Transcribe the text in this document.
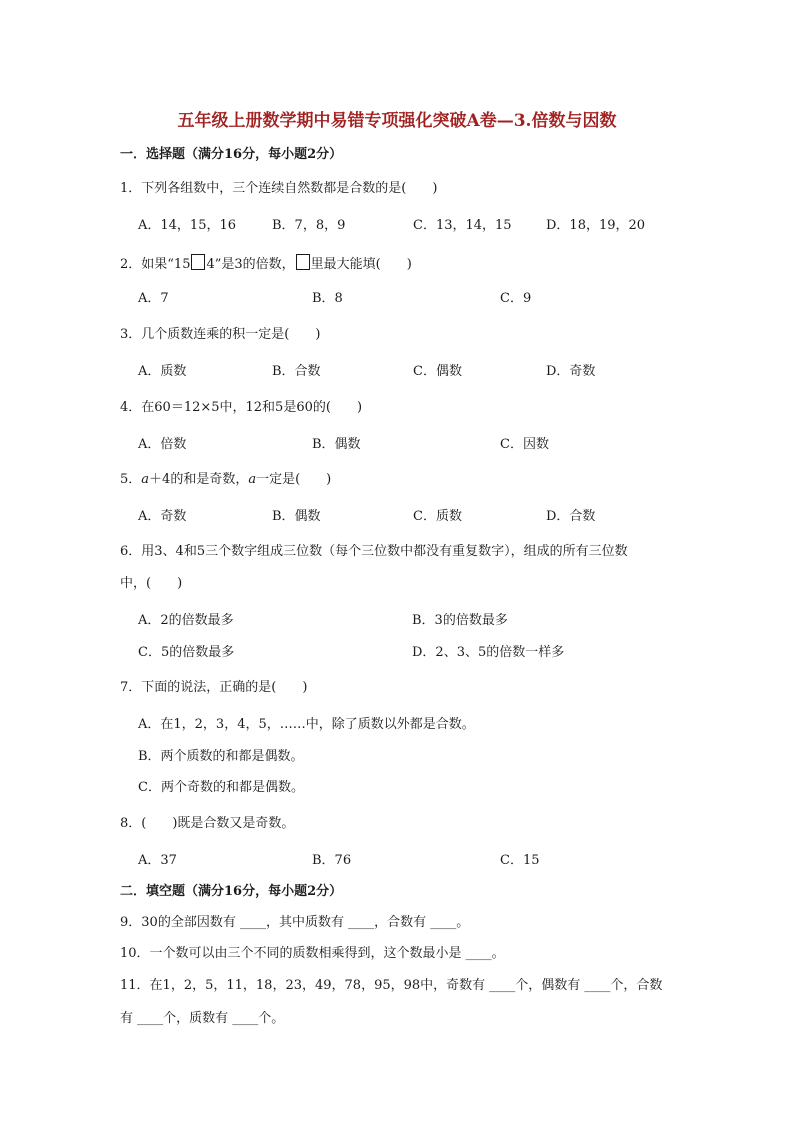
五年级上册数学期中易错专项强化突破A卷—3.倍数与因数
一．选择题（满分16分，每小题2分）
1．下列各组数中，三个连续自然数都是合数的是(　　)
A．14，15，16	B．7，8，9	C．13，14，15	D．18，19，20
2．如果“15 4”是3的倍数， 里最大能填(　　)
A．7	B．8	C．9
3．几个质数连乘的积一定是(　　)
A．质数	B．合数	C．偶数	D．奇数
4．在60＝12×5中，12和5是60的(　　)
A．倍数	B．偶数	C．因数
5．a＋4的和是奇数，a一定是(　　)
A．奇数	B．偶数	C．质数	D．合数
6．用3、4和5三个数字组成三位数（每个三位数中都没有重复数字），组成的所有三位数
中，(　　)
A．2的倍数最多	B．3的倍数最多
C．5的倍数最多	D．2、3、5的倍数一样多
7．下面的说法，正确的是(　　)
A．在1，2，3，4，5，……中，除了质数以外都是合数。
B．两个质数的和都是偶数。
C．两个奇数的和都是偶数。
8．(　　)既是合数又是奇数。
A．37	B．76	C．15
二．填空题（满分16分，每小题2分）
9．30的全部因数有 ____，其中质数有 ____，合数有 ____。
10．一个数可以由三个不同的质数相乘得到，这个数最小是 ____。
11．在1，2，5，11，18，23，49，78，95，98中，奇数有 ____个，偶数有 ____个，合数
有 ____个，质数有 ____个。
